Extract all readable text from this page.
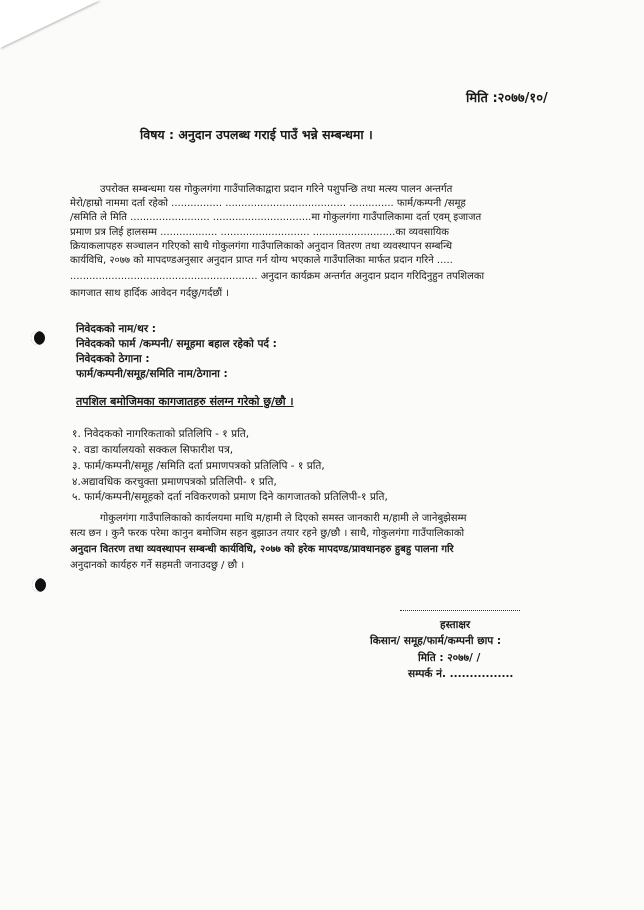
मिति :२०७७/१०/
विषय : अनुदान उपलब्ध गराई पाउँ भन्ने सम्बन्धमा ।
उपरोक्त सम्बन्धमा यस गोकुलगंगा गाउँपालिकाद्वारा प्रदान गरिने पशुपन्छि तथा मत्स्य पालन अन्तर्गत
मेरो/हाम्रो नाममा दर्ता रहेको ................ ...................................... .............. फार्म/कम्पनी /समूह
/समिति ले मिति ......................... ...............................मा गोकुलगंगा गाउँपालिकामा दर्ता एवम् इजाजत
प्रमाण प्रत्र लिई हालसम्म .................. ............................ ..........................का व्यवसायिक
क्रियाकलापहरु सञ्चालन गरिएको साथै गोकुलगंगा गाउँपालिकाको अनुदान वितरण तथा व्यवस्थापन सम्बन्धि
कार्यविधि, २०७७ को मापदण्डअनुसार अनुदान प्राप्त गर्न योग्य भएकाले गाउँपालिका मार्फत प्रदान गरिने .....
........................................................... अनुदान कार्यक्रम अन्तर्गत अनुदान प्रदान गरिदिनुहुन तपशिलका
कागजात साथ हार्दिक आवेदन गर्दछु/गर्दछौं ।
निवेदकको नाम/थर :
निवेदकको फार्म /कम्पनी/ समूहमा बहाल रहेको पर्द :
निवेदकको ठेगाना :
फार्म/कम्पनी/समूह/समिति नाम/ठेगाना :
तपशिल बमोजिमका कागजातहरु संलग्न गरेको छु/छौ ।
१. निवेदकको नागरिकताको प्रतिलिपि - १ प्रति,
२. वडा कार्यालयको सक्कल सिफारीश पत्र,
३. फार्म/कम्पनी/समूह /समिति दर्ता प्रमाणपत्रको प्रतिलिपि - १ प्रति,
४.अद्यावधिक करचुक्ता प्रमाणपत्रको प्रतिलिपी- १ प्रति,
५. फार्म/कम्पनी/समूहको दर्ता नविकरणको प्रमाण दिने कागजातको प्रतिलिपी-१ प्रति,
गोकुलगंगा गाउँपालिकाको कार्यलयमा माथि म/हामी ले दिएको समस्त जानकारी म/हामी ले जानेबुझेसम्म
सत्य छन । कुनै फरक परेमा कानुन बमोजिम सहन बुझाउन तयार रहने छु/छौ । साथै, गोकुलगंगा गाउँपालिकाको
अनुदान वितरण तथा व्यवस्थापन सम्बन्धी कार्यविधि, २०७७ को हरेक मापदण्ड/प्रावधानहरु हुबहु पालना गरि
अनुदानको कार्यहरु गर्ने सहमती जनाउदछु / छौ ।
हस्ताक्षर
किसान/ समूह/फार्म/कम्पनी छाप :
मिति : २०७७/ /
सम्पर्क नं. ................
